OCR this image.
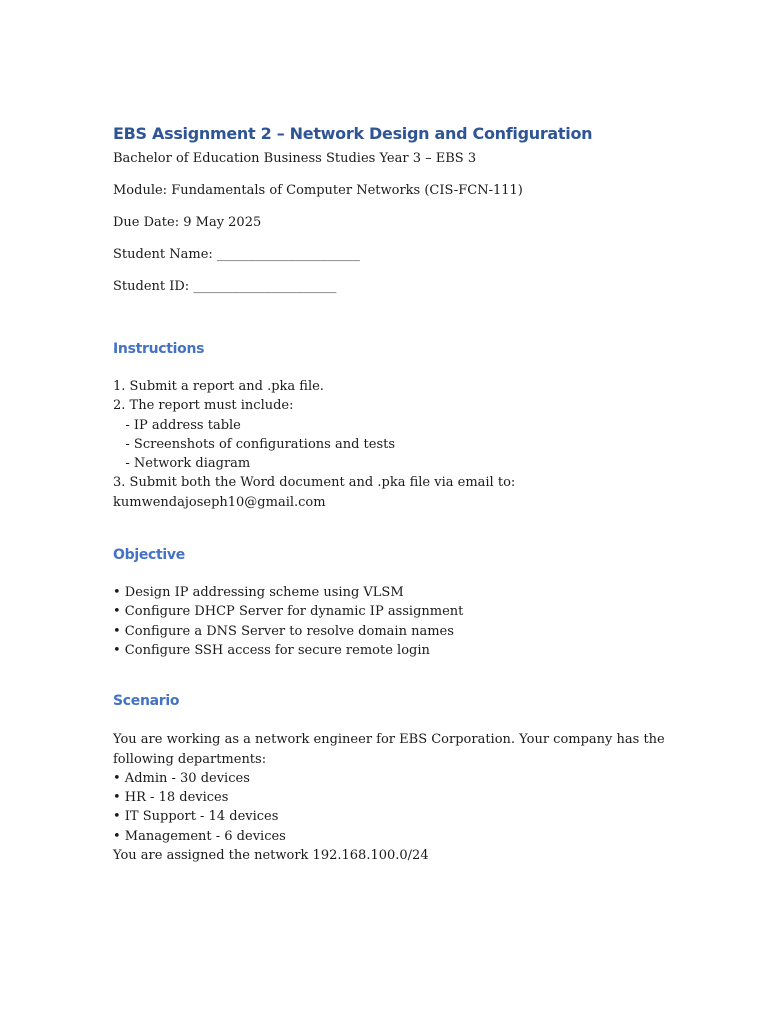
EBS Assignment 2 – Network Design and Configuration

Bachelor of Education Business Studies Year 3 – EBS 3

Module: Fundamentals of Computer Networks (CIS-FCN-111)

Due Date: 9 May 2025

Student Name: ______________________

Student ID: ______________________

Instructions

1. Submit a report and .pka file.

2. The report must include:

- IP address table

- Screenshots of configurations and tests

- Network diagram

3. Submit both the Word document and .pka file via email to:

kumwendajoseph10@gmail.com

Objective

• Design IP addressing scheme using VLSM

• Configure DHCP Server for dynamic IP assignment

• Configure a DNS Server to resolve domain names

• Configure SSH access for secure remote login

Scenario

You are working as a network engineer for EBS Corporation. Your company has the

following departments:

• Admin - 30 devices

• HR - 18 devices

• IT Support - 14 devices

• Management - 6 devices

You are assigned the network 192.168.100.0/24
